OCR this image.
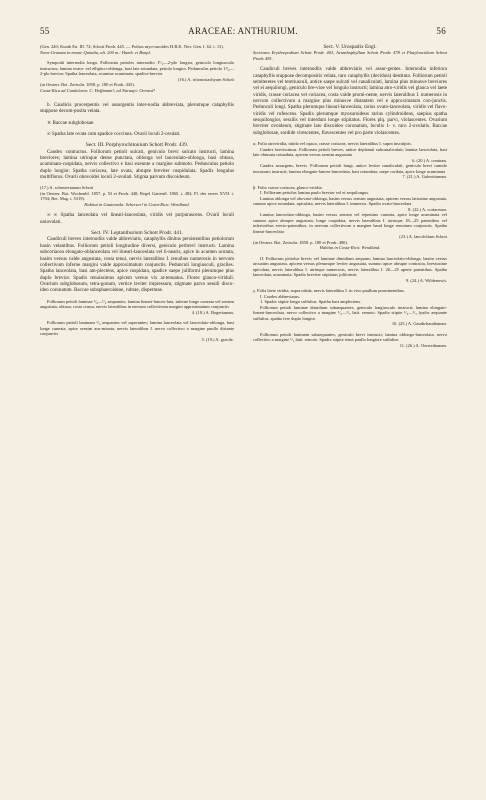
55	ARACEAE: ANTHURIUM.	56

(Gen. 240; Kunth En. III. 72; Schott Prodr. 445. — Pothos myo-suroides H.B.K. Nov. Gen. I. 62. t. 13).

Nova-Granata in monte Quindiu, alt. 200 m.: Humb. et Bonpl.

Sympodii internodia longa. Folliorum petioles internodio 1¹/₂—2-plo longior, geniculo longiusculo instructus; lamina ovato- vel elliptico-oblonga, basi late rotundata, petiolo longior. Pedunculus petiolo 1¹/₂—2-plo brevior. Spatha lanceolata, acumine acuminata, spadice brevior

(16.) A. tritonostachyum Schott

(in Oesterr. Bot. Zeitschr. 1858. p. 180 et Prodr. 445).

Costa-Rica ad Candelaria: C. Hoffmann!; ad Naranjo: Oersted!

b. Caudicis procerpentis vel assurgentis inter-nodia abbreviata, plerumque cataphyllis stuppose decom-posita velata.

⨯ Baccae subglobosae.

∞ Spatha late ovata cum spadice coccinea. Ovarii loculi 2-ovulati.

Sect. III. Porphyrochitonium Schott Prodr. 439.

Caudex contractus. Folliorum petioli sulcati, geniculo brevi sulcato instructi, lamina breviores; lamina utrinque dense punctata, oblonga vel lanceolato-oblonga, basi obtusa, acuminato-cuspidata, nervis collectivo e basi exeunte a margine submoto. Pedunculus petiolo duplo longior. Spatha coriacea, late ovata, abrupte breviter cuspidulata. Spadix longulus multiflorus. Ovarii obovoidei loculi 2-ovulati. Stigma parvum discoideum.

(17.) A. scherzerianum Schott

(in Oesterr. Bot. Wochenbl. 1857. p. 53 et Prodr. 440; Regel Gartenfl. 1865. t. 482; Fl. des serres XVII. t. 1794; Bot. Mag. t. 5319).

Habitat in Guatemala: Scherzer! in Costa-Rica: Wendland.

∞ ∞ Spatha lanceolata vel lineari-lanceolata, viridis vel purpurascens. Ovarii loculi uniovulati.

Sect. IV. Leptanthurium Schott Prodr. 441.

Caudiculi breves internodiis valde abbreviatis, cataphyllis dinitus persistentibus petiolorum basin velantibus. Folliorum petioli longitudine diversi, geniculo perbrevi instructi. Lamina subcoriacea elongato-oblanceolata vel lineari-lanceolata vel li-nearis, apice in acumen acutata, basim versus valde angustata, costa tenui, nervis lateralibus I. tenuibus numerosis in nervum collectivum inferne margini valde approximatum conjunctis. Pedunculi longiusculi, graciles. Spatha lanceolata, basi am-plectens, apice cuspidata, spadice saepe juliformi plerumque plus duplo brevior. Spadix tenuissimus apicem versus vix at-tenuatus. Flores glauco-viriduli. Ovarium subglobosum, tetra-gonum, vertice leviter impressum, stigmate parvo sessili disco-ideo coronatum. Baccae subsphaeroideae, rubrae, dispermae.

Folliorum petioli laminae ¹/₈—¹/₂ aequantes; lamina lineari-lanceo-lata, inferne longe cuneata vel sensim angustata, obtusa; costa crassa, nervis lateralibus in nervum collectivum margini approximatum conjunctis

4. (18.) A. Bogerianum.

Folliorum petioli laminam ¹/₃ aequantes vel superantes; lamina lanceolata vel lanceolato-oblonga, basi longe cuneata, apice sensim acu-minata, nervis lateralibus I. nervo collectivo a margine paullo distante conjunctis

5. (19.) A. gracile.

Sect. V. Urospadix Engl.

Sectiones Erythropodium Schott Prodr. 463, Acanthophyllum Schott Prodr. 478 et Platyloncidium Schott Prodr. 481.

Caudiculi breves internodiis valde abbreviatis vel assur-gentes. Internodia inferiora cataphyllis stuppose decompositis velata, raro cataphyllis (deciduis) destituta. Folliorum petioli semiteretes vel teretiusculi, antice saepe sulcati vel canaliculati, lamina plus minusve breviores vel ei aequilongi, geniculo bre-vioe vel longulo instructi; lamina atro-viridis vel glauca vel laete viridis, crasse coriacea vel coriacea, costa valde promi-nente, nervis lateralibus I. numerosis in nervum collectivum a margine plus minusve distantem vel e approximatum con-junctis. Pedunculi longi. Spatha plerumque lineari-lanceolata, rarius ovato-lanceolata, viridis vel flavo-viridis vel rufescens. Spadix plerumque myosuroideus rarius cylindroideus, saepius spatha sesquilongior, sessilis vel interdum longe stipitatus. Flores plq. parvi, violascentes. Ovarium breviter ovoideum, stigmate lato discoideo coronatum, loculis 1- v. raro 2-ovulatis. Baccae subglobosae, sordide virescentes, flavescentes vel pro parte violascentes.

α. Folia atroviridia, nitida vel opaca, crasse coriacea, nervis lateralibus I. supra insculptis.

Caudex brevissimus. Folliorum petioli breves, antice deplanati subcanaliculati; lamina lanceolata, basi late obtusata rotundata, apicem versus sensim angustata

6. (20.) A. comtum.

Caudex assurgens, brevis. Folliorum petioli longi, antice leviter canaliculati, geniculo brevi tumido incrassato instructi; lamina elongato-lanceo-lanceolata, basi rotundata, saepe cordata, apice longe acuminata

7. (21.) A. Galeottianum.

β. Folia crasse coriacea, glauco-viridia.

I. Folliorum petiolus lamina paulo brevior vel ei aequilongus.

Lamina oblonga vel obovato-oblonga, basim versus sensim angustata, apicem versus latissime angustata, summo apice rotundata, apiculata, nervis lateralibus I. immersis. Spadix ovato-lanceolata

8. (22.) A. coriaceum.

Lamina lanceolato-oblonga, basim versus sensim vel repentino cuneata, apice longe acuminata vel summo apice abrupte angustata, longe cuspidata, nervis lateralibus I. utrinque 18—25 patentibus vel inferioribus erecto-patentibus, in nervum collectivum a margine haud longe remotum conjunctis. Spatha lineari-lanceolata

(23.) A. lancifolium Schott

(in Oesterr. Bot. Zeitschr. 1858. p. 180 et Prodr. 480).

Habitat in Costa-Rica: Wendland.

II. Folliorum petiolus brevis vel laminae dimidium aequans; lamina lanceolato-oblonga, basim versus arcuatim angustata, apicem versus plerumque leviter angustata, summo apice abrupte contracta, breviusime apiculata, nervis lateralibus I. utrinque numerosis, nervis lateralibus I. 20—25 aperte patentibus. Spatha lanceolata, acuminata. Spadix breviter stipitatus juliformis

9. (24.) A. Wildenowii.

γ. Folia laete viridia, supra nitida, nervis lateralibus I. in vivo paullum prominentibus.

I. Caudex abbreviatus.

1. Spadix stipite longo suffultus. Spatha basi amplectens.

Folliorum petioli laminae dimidium subaequantes, geniculo longiusculo instructi; lamina elongato-lineari-lanceolata, nervo collectivo a margine ¹/₂—¹/₃ latit. remoto. Spadix stipite ¹/₂—¹/₃ lyuibs aequante suffultus, spatha fere duplo longior

10. (25.) A. Gaudichaudianum.

Folliorum petioli laminam subaequantes, geniculo brevi instructi; lamina oblongo-lanceolata, nervo collectivo a margine ¹/₃ latit. remoto. Spadix stipite tenui paullo longiore suffultus

11. (26.) A. Oerstedianum.
